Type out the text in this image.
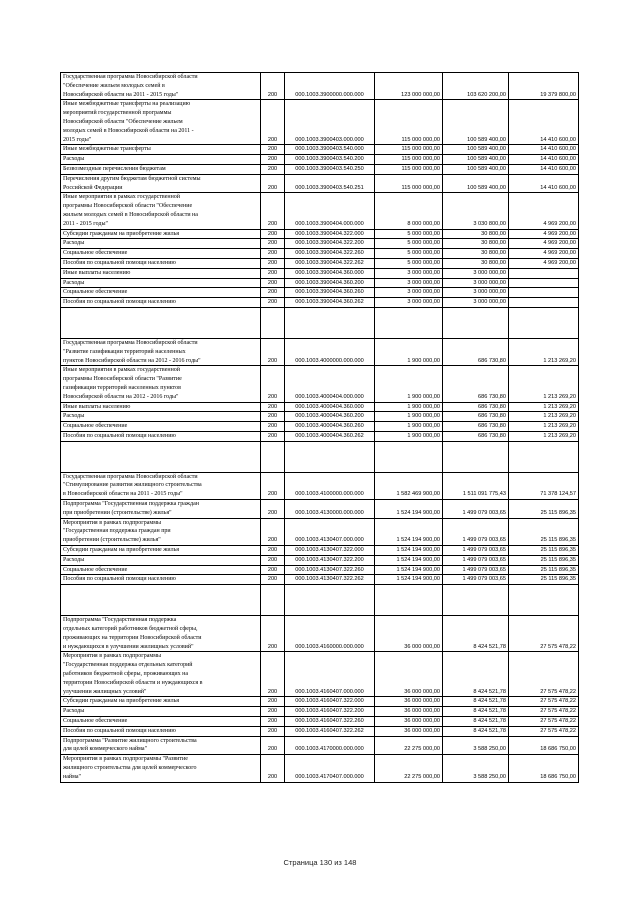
Государственная программа Новосибирской области
"Обеспечение жильем молодых семей в
Новосибирской области на 2011 - 2015 годы"	200	000.1003.3900000.000.000	123 000 000,00	103 620 200,00	19 379 800,00
Иные межбюджетные трансферты на реализацию
мероприятий государственной программы
Новосибирской области "Обеспечение жильем
молодых семей в Новосибирской области на 2011 -
2015 годы"	200	000.1003.3900403.000.000	115 000 000,00	100 589 400,00	14 410 600,00
Иные межбюджетные трансферты	200	000.1003.3900403.540.000	115 000 000,00	100 589 400,00	14 410 600,00
Расходы	200	000.1003.3900403.540.200	115 000 000,00	100 589 400,00	14 410 600,00
Безвозмездные перечисления бюджетам	200	000.1003.3900403.540.250	115 000 000,00	100 589 400,00	14 410 600,00
Перечисления другим бюджетам бюджетной системы
Российской Федерации	200	000.1003.3900403.540.251	115 000 000,00	100 589 400,00	14 410 600,00
Иные мероприятия в рамках государственной
программы Новосибирской области "Обеспечение
жильем молодых семей в Новосибирской области на
2011 - 2015 годы"	200	000.1003.3900404.000.000	8 000 000,00	3 030 800,00	4 969 200,00
Субсидии гражданам на приобретение жилья	200	000.1003.3900404.322.000	5 000 000,00	30 800,00	4 969 200,00
Расходы	200	000.1003.3900404.322.200	5 000 000,00	30 800,00	4 969 200,00
Социальное обеспечение	200	000.1003.3900404.322.260	5 000 000,00	30 800,00	4 969 200,00
Пособия по социальной помощи населению	200	000.1003.3900404.322.262	5 000 000,00	30 800,00	4 969 200,00
Иные выплаты населению	200	000.1003.3900404.360.000	3 000 000,00	3 000 000,00	
Расходы	200	000.1003.3900404.360.200	3 000 000,00	3 000 000,00	
Социальное обеспечение	200	000.1003.3900404.360.260	3 000 000,00	3 000 000,00	
Пособия по социальной помощи населению	200	000.1003.3900404.360.262	3 000 000,00	3 000 000,00	

Государственная программа Новосибирской области
"Развитие газификации территорий населенных
пунктов Новосибирской области на 2012 - 2016 годы"	200	000.1003.4000000.000.000	1 900 000,00	686 730,80	1 213 269,20
Иные мероприятия в рамках государственной
программы Новосибирской области "Развитие
газификации территорий населенных пунктов
Новосибирской области на 2012 - 2016 годы"	200	000.1003.4000404.000.000	1 900 000,00	686 730,80	1 213 269,20
Иные выплаты населению	200	000.1003.4000404.360.000	1 900 000,00	686 730,80	1 213 269,20
Расходы	200	000.1003.4000404.360.200	1 900 000,00	686 730,80	1 213 269,20
Социальное обеспечение	200	000.1003.4000404.360.260	1 900 000,00	686 730,80	1 213 269,20
Пособия по социальной помощи населению	200	000.1003.4000404.360.262	1 900 000,00	686 730,80	1 213 269,20

Государственная программа Новосибирской области
"Стимулирование развития жилищного строительства
в Новосибирской области на 2011 - 2015 годы"	200	000.1003.4100000.000.000	1 582 469 900,00	1 511 091 775,43	71 378 124,57
Подпрограмма "Государственная поддержка граждан
при приобретении (строительстве) жилья"	200	000.1003.4130000.000.000	1 524 194 900,00	1 499 079 003,65	25 115 896,35
Мероприятия в рамках подпрограммы
"Государственная поддержка граждан при
приобретении (строительстве) жилья"	200	000.1003.4130407.000.000	1 524 194 900,00	1 499 079 003,65	25 115 896,35
Субсидии гражданам на приобретение жилья	200	000.1003.4130407.322.000	1 524 194 900,00	1 499 079 003,65	25 115 896,35
Расходы	200	000.1003.4130407.322.200	1 524 194 900,00	1 499 079 003,65	25 115 896,35
Социальное обеспечение	200	000.1003.4130407.322.260	1 524 194 900,00	1 499 079 003,65	25 115 896,35
Пособия по социальной помощи населению	200	000.1003.4130407.322.262	1 524 194 900,00	1 499 079 003,65	25 115 896,35

Подпрограмма "Государственная поддержка
отдельных категорий работников бюджетной сферы,
проживающих на территории Новосибирской области
и нуждающихся в улучшении жилищных условий"	200	000.1003.4160000.000.000	36 000 000,00	8 424 521,78	27 575 478,22
Мероприятия в рамках подпрограммы
"Государственная поддержка отдельных категорий
работников бюджетной сферы, проживающих на
территории Новосибирской области и нуждающихся в
улучшении жилищных условий"	200	000.1003.4160407.000.000	36 000 000,00	8 424 521,78	27 575 478,22
Субсидии гражданам на приобретение жилья	200	000.1003.4160407.322.000	36 000 000,00	8 424 521,78	27 575 478,22
Расходы	200	000.1003.4160407.322.200	36 000 000,00	8 424 521,78	27 575 478,22
Социальное обеспечение	200	000.1003.4160407.322.260	36 000 000,00	8 424 521,78	27 575 478,22
Пособия по социальной помощи населению	200	000.1003.4160407.322.262	36 000 000,00	8 424 521,78	27 575 478,22
Подпрограмма "Развитие жилищного строительства
для целей коммерческого найма"	200	000.1003.4170000.000.000	22 275 000,00	3 588 250,00	18 686 750,00
Мероприятия в рамках подпрограммы "Развитие
жилищного строительства для целей коммерческого
найма"	200	000.1003.4170407.000.000	22 275 000,00	3 588 250,00	18 686 750,00
Страница 130 из 148
